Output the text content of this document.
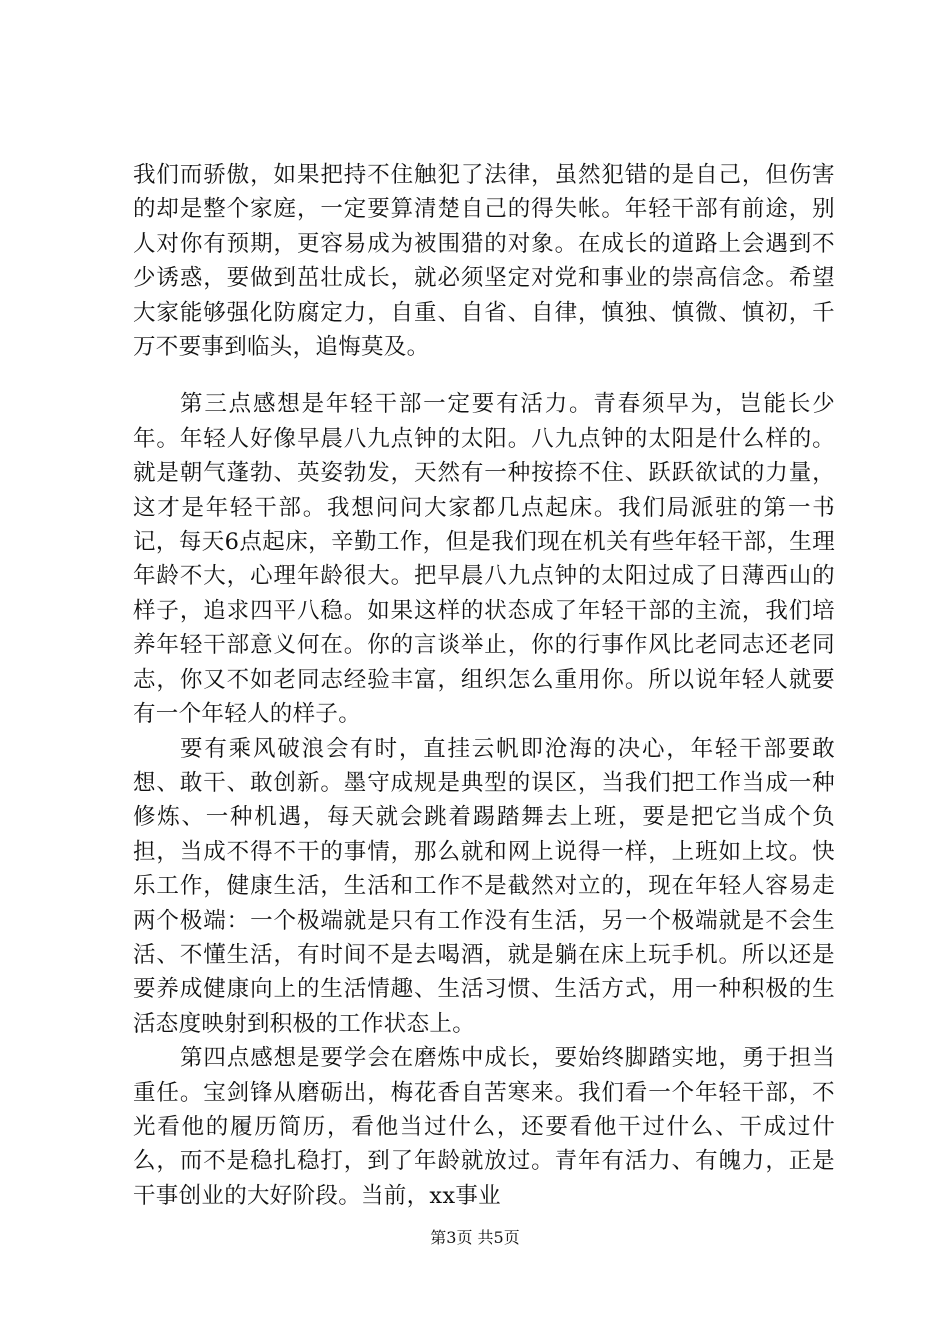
我们而骄傲，如果把持不住触犯了法律，虽然犯错的是自己，但伤害的却是整个家庭，一定要算清楚自己的得失帐。年轻干部有前途，别人对你有预期，更容易成为被围猎的对象。在成长的道路上会遇到不少诱惑，要做到茁壮成长，就必须坚定对党和事业的崇高信念。希望大家能够强化防腐定力，自重、自省、自律，慎独、慎微、慎初，千万不要事到临头，追悔莫及。

第三点感想是年轻干部一定要有活力。青春须早为，岂能长少年。年轻人好像早晨八九点钟的太阳。八九点钟的太阳是什么样的。就是朝气蓬勃、英姿勃发，天然有一种按捺不住、跃跃欲试的力量，这才是年轻干部。我想问问大家都几点起床。我们局派驻的第一书记，每天6点起床，辛勤工作，但是我们现在机关有些年轻干部，生理年龄不大，心理年龄很大。把早晨八九点钟的太阳过成了日薄西山的样子，追求四平八稳。如果这样的状态成了年轻干部的主流，我们培养年轻干部意义何在。你的言谈举止，你的行事作风比老同志还老同志，你又不如老同志经验丰富，组织怎么重用你。所以说年轻人就要有一个年轻人的样子。

要有乘风破浪会有时，直挂云帆即沧海的决心，年轻干部要敢想、敢干、敢创新。墨守成规是典型的误区，当我们把工作当成一种修炼、一种机遇，每天就会跳着踢踏舞去上班，要是把它当成个负担，当成不得不干的事情，那么就和网上说得一样，上班如上坟。快乐工作，健康生活，生活和工作不是截然对立的，现在年轻人容易走两个极端：一个极端就是只有工作没有生活，另一个极端就是不会生活、不懂生活，有时间不是去喝酒，就是躺在床上玩手机。所以还是要养成健康向上的生活情趣、生活习惯、生活方式，用一种积极的生活态度映射到积极的工作状态上。

第四点感想是要学会在磨炼中成长，要始终脚踏实地，勇于担当重任。宝剑锋从磨砺出，梅花香自苦寒来。我们看一个年轻干部，不光看他的履历简历，看他当过什么，还要看他干过什么、干成过什么，而不是稳扎稳打，到了年龄就放过。青年有活力、有魄力，正是干事创业的大好阶段。当前，xx事业

第3页 共5页
